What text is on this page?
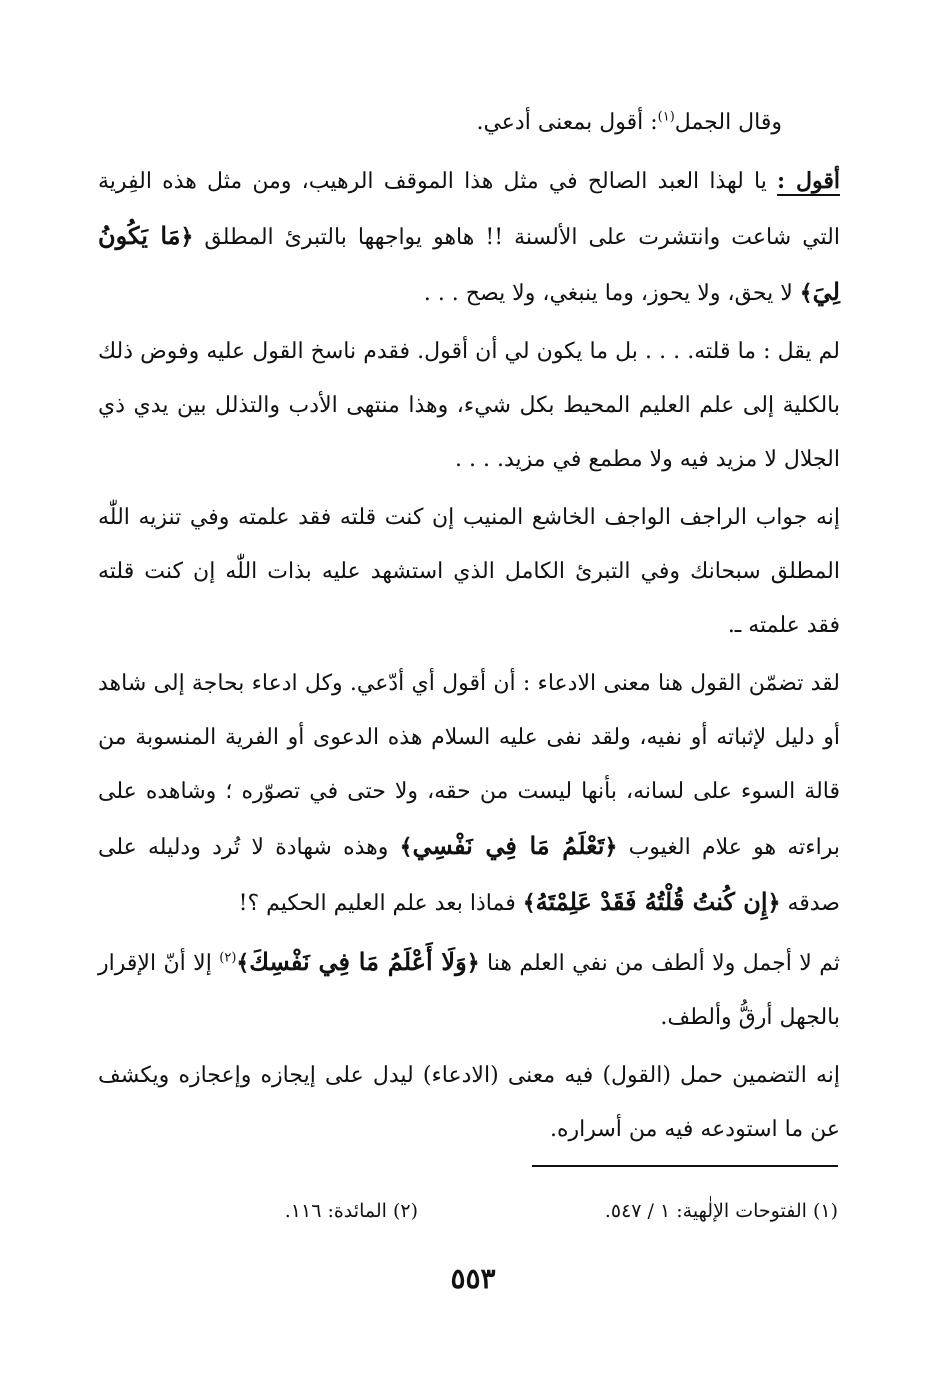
وقال الجمل$^{(١)}$: أقول بمعنى أدعي.

أقول : يا لهذا العبد الصالح في مثل هذا الموقف الرهيب، ومن مثل هذه الفِرية التي شاعت وانتشرت على الألسنة !! هاهو يواجهها بالتبرئ المطلق ﴿مَا يَكُونُ لِيَ﴾ لا يحق، ولا يحوز، وما ينبغي، ولا يصح . . .

لم يقل : ما قلته. . . . بل ما يكون لي أن أقول. فقدم ناسخ القول عليه وفوض ذلك بالكلية إلى علم العليم المحيط بكل شيء، وهذا منتهى الأدب والتذلل بين يدي ذي الجلال لا مزيد فيه ولا مطمع في مزيد. . . .

إنه جواب الراجف الواجف الخاشع المنيب إن كنت قلته فقد علمته وفي تنزيه اللّٰه المطلق سبحانك وفي التبرئ الكامل الذي استشهد عليه بذات اللّٰه إن كنت قلته فقد علمته ـ.

لقد تضمّن القول هنا معنى الادعاء : أن أقول أي أدّعي. وكل ادعاء بحاجة إلى شاهد أو دليل لإثباته أو نفيه، ولقد نفى عليه السلام هذه الدعوى أو الفرية المنسوبة من قالة السوء على لسانه، بأنها ليست من حقه، ولا حتى في تصوّره ؛ وشاهده على براءته هو علام الغيوب ﴿تَعْلَمُ مَا فِي نَفْسِي﴾ وهذه شهادة لا تُرد ودليله على صدقه ﴿إِن كُنتُ قُلْتُهُ فَقَدْ عَلِمْتَهُ﴾ فماذا بعد علم العليم الحكيم ؟!

ثم لا أجمل ولا ألطف من نفي العلم هنا ﴿وَلَا أَعْلَمُ مَا فِي نَفْسِكَ﴾$^{(٢)}$ إلا أنّ الإقرار بالجهل أرقُّ وألطف.

إنه التضمين حمل (القول) فيه معنى (الادعاء) ليدل على إيجازه وإعجازه ويكشف عن ما استودعه فيه من أسراره.

(١) الفتوحات الإلٰهية: ١ / ٥٤٧.
(٢) المائدة: ١١٦.
٥٥٣
